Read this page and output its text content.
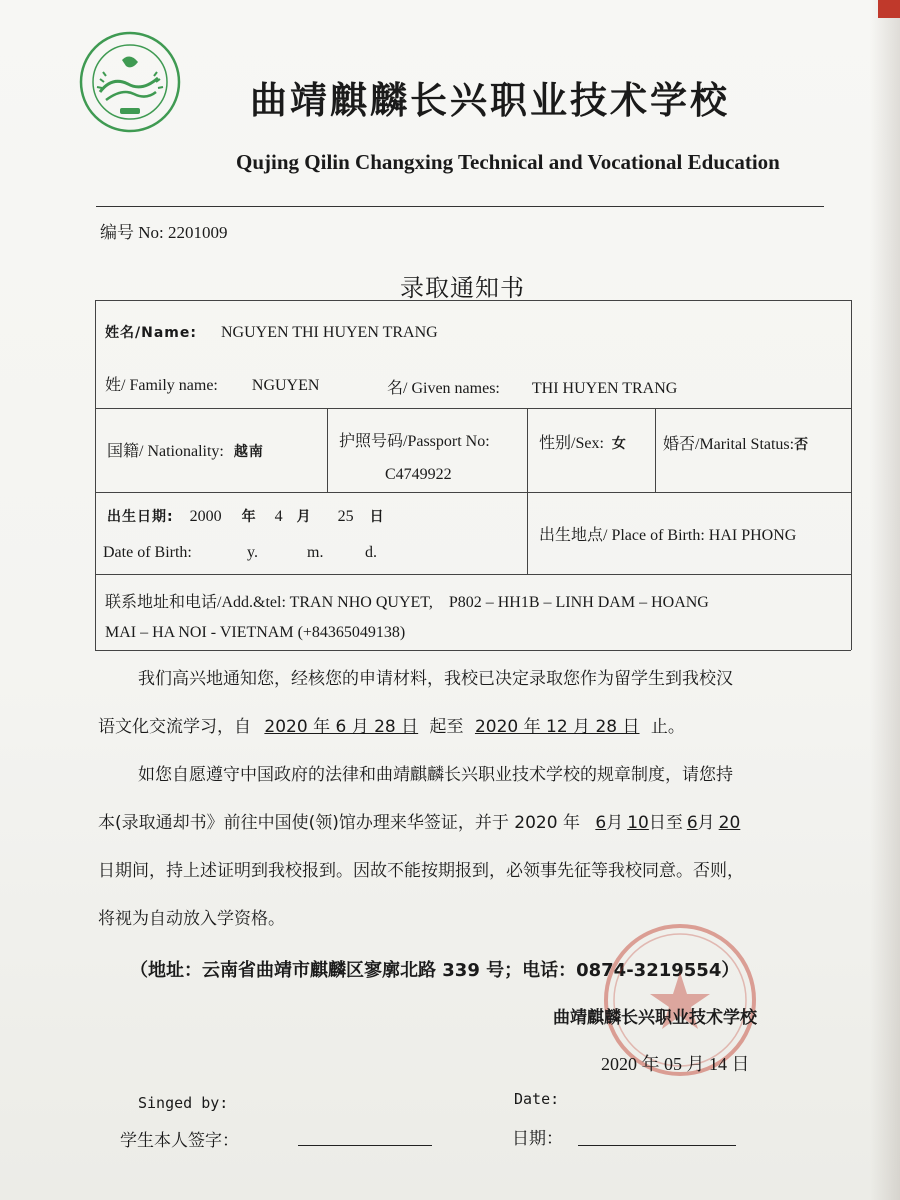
曲靖麒麟长兴职业技术学校
Qujing Qilin Changxing Technical and Vocational Education
编号 No: 2201009
录取通知书
姓名/Name: NGUYEN THI HUYEN TRANG
姓/ Family name: NGUYEN	名/ Given names: THI HUYEN TRANG
国籍/ Nationality: 越南
护照号码/Passport No:
C4749922
性别/Sex: 女 婚否/Marital Status:否
出生日期: 2000 年 4 月 25 日
Date of Birth:	y.	m.	d.
出生地点/ Place of Birth: HAI PHONG
联系地址和电话/Add.&tel: TRAN NHO QUYET,    P802 – HH1B – LINH DAM – HOANG
MAI – HA NOI - VIETNAM (+84365049138)
我们高兴地通知您，经核您的申请材料，我校已决定录取您作为留学生到我校汉
语文化交流学习，自 2020 年 6 月 28 日 起至 2020 年 12 月 28 日 止。
如您自愿遵守中国政府的法律和曲靖麒麟长兴职业技术学校的规章制度，请您持
本(录取通却书》前往中国使(领)馆办理来华签证，并于 2020 年 6月 10日至 6月 20
日期间，持上述证明到我校报到。因故不能按期报到，必领事先征等我校同意。否则，
将视为自动放入学资格。
（地址：云南省曲靖市麒麟区寥廓北路 339 号；电话：0874-3219554）
曲靖麒麟长兴职业技术学校
2020 年 05 月 14 日
Singed by:
学生本人签字：
Date:
日期：
